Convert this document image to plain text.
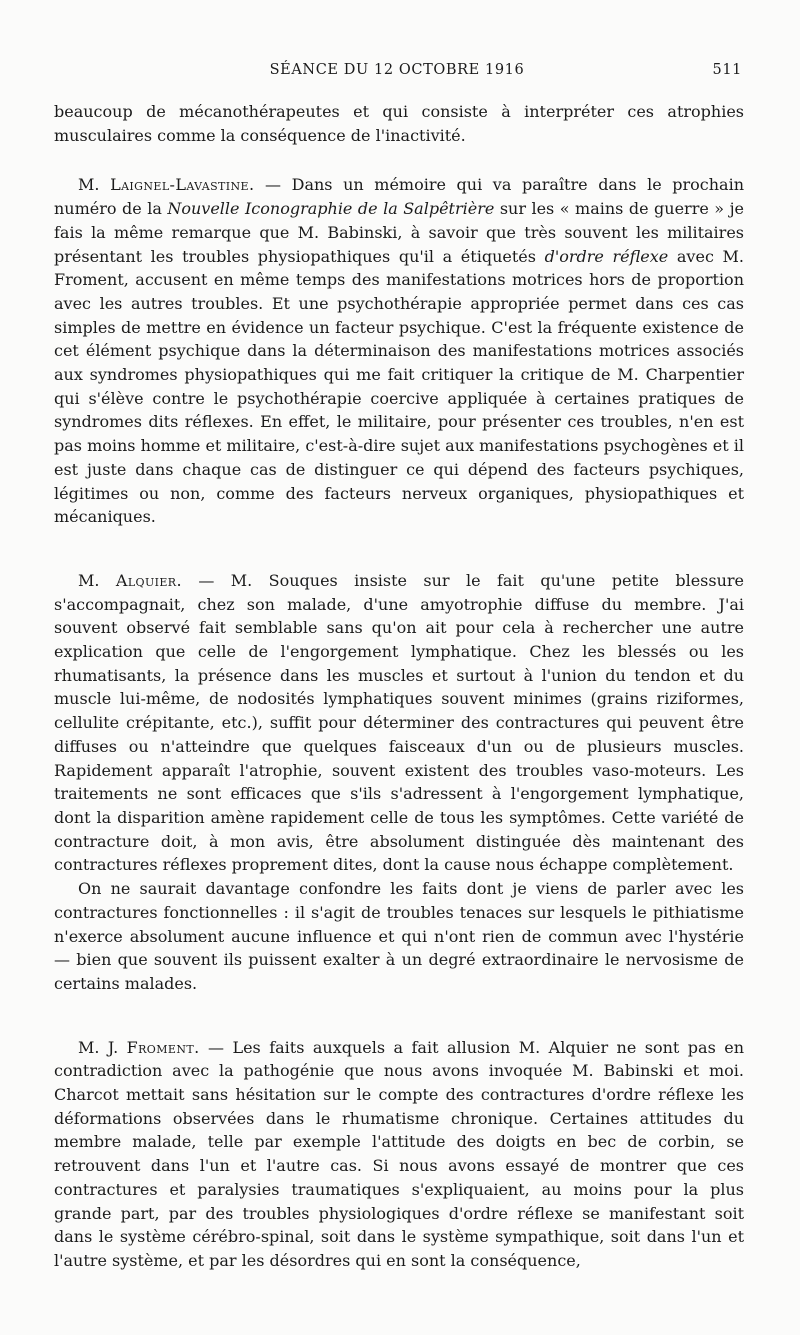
SÉANCE DU 12 OCTOBRE 1916	511

beaucoup de mécanothérapeutes et qui consiste à interpréter ces atrophies musculaires comme la conséquence de l'inactivité.

M. Laignel-Lavastine. — Dans un mémoire qui va paraître dans le prochain numéro de la Nouvelle Iconographie de la Salpêtrière sur les « mains de guerre » je fais la même remarque que M. Babinski, à savoir que très souvent les militaires présentant les troubles physiopathiques qu'il a étiquetés d'ordre réflexe avec M. Froment, accusent en même temps des manifestations motrices hors de proportion avec les autres troubles. Et une psychothérapie appropriée permet dans ces cas simples de mettre en évidence un facteur psychique. C'est la fréquente existence de cet élément psychique dans la déterminaison des manifestations motrices associés aux syndromes physiopathiques qui me fait critiquer la critique de M. Charpentier qui s'élève contre le psychothérapie coercive appliquée à certaines pratiques de syndromes dits réflexes. En effet, le militaire, pour présenter ces troubles, n'en est pas moins homme et militaire, c'est-à-dire sujet aux manifestations psychogènes et il est juste dans chaque cas de distinguer ce qui dépend des facteurs psychiques, légitimes ou non, comme des facteurs nerveux organiques, physiopathiques et mécaniques.

M. Alquier. — M. Souques insiste sur le fait qu'une petite blessure s'accompagnait, chez son malade, d'une amyotrophie diffuse du membre. J'ai souvent observé fait semblable sans qu'on ait pour cela à rechercher une autre explication que celle de l'engorgement lymphatique. Chez les blessés ou les rhumatisants, la présence dans les muscles et surtout à l'union du tendon et du muscle lui-même, de nodosités lymphatiques souvent minimes (grains riziformes, cellulite crépitante, etc.), suffit pour déterminer des contractures qui peuvent être diffuses ou n'atteindre que quelques faisceaux d'un ou de plusieurs muscles. Rapidement apparaît l'atrophie, souvent existent des troubles vaso-moteurs. Les traitements ne sont efficaces que s'ils s'adressent à l'engorgement lymphatique, dont la disparition amène rapidement celle de tous les symptômes. Cette variété de contracture doit, à mon avis, être absolument distinguée dès maintenant des contractures réflexes proprement dites, dont la cause nous échappe complètement.

On ne saurait davantage confondre les faits dont je viens de parler avec les contractures fonctionnelles : il s'agit de troubles tenaces sur lesquels le pithiatisme n'exerce absolument aucune influence et qui n'ont rien de commun avec l'hystérie — bien que souvent ils puissent exalter à un degré extraordinaire le nervosisme de certains malades.

M. J. Froment. — Les faits auxquels a fait allusion M. Alquier ne sont pas en contradiction avec la pathogénie que nous avons invoquée M. Babinski et moi. Charcot mettait sans hésitation sur le compte des contractures d'ordre réflexe les déformations observées dans le rhumatisme chronique. Certaines attitudes du membre malade, telle par exemple l'attitude des doigts en bec de corbin, se retrouvent dans l'un et l'autre cas. Si nous avons essayé de montrer que ces contractures et paralysies traumatiques s'expliquaient, au moins pour la plus grande part, par des troubles physiologiques d'ordre réflexe se manifestant soit dans le système cérébro-spinal, soit dans le système sympathique, soit dans l'un et l'autre système, et par les désordres qui en sont la conséquence,
